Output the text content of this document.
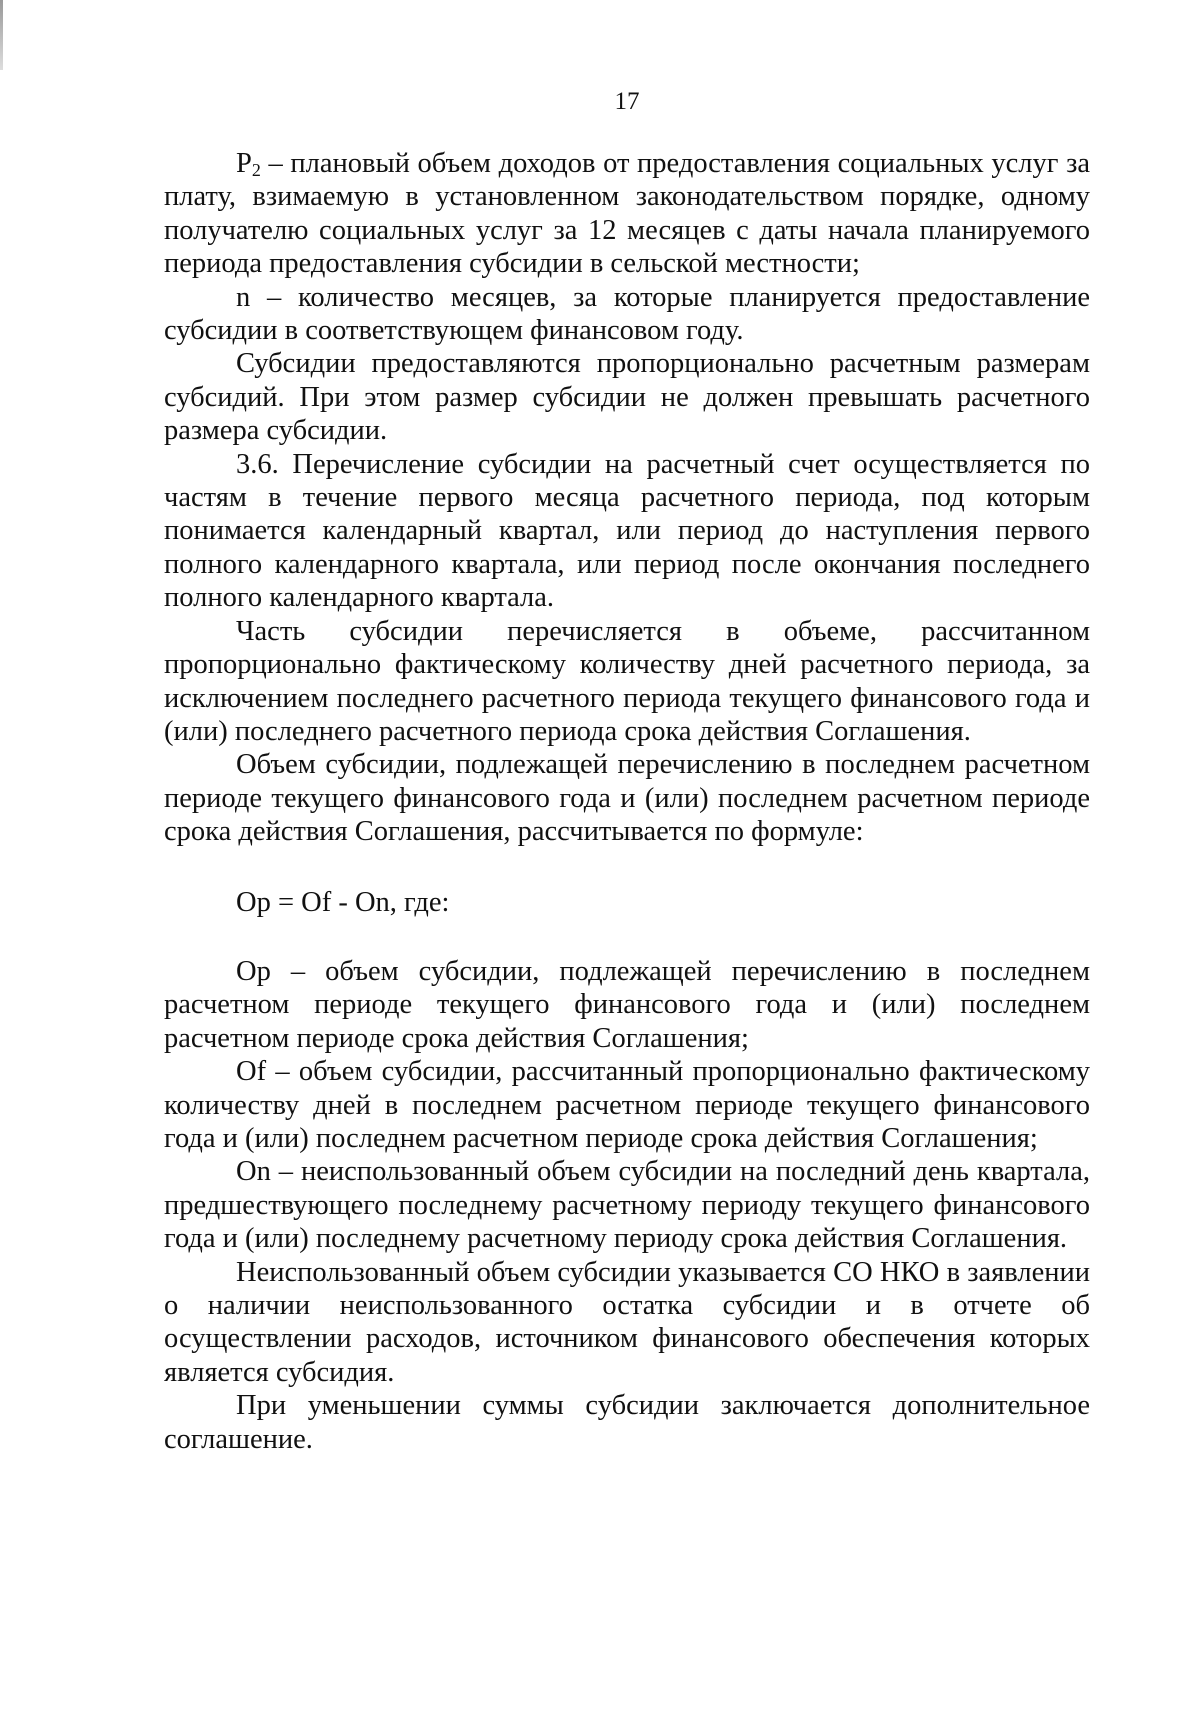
17

$P_2$ – плановый объем доходов от предоставления социальных услуг за плату, взимаемую в установленном законодательством порядке, одному получателю социальных услуг за 12 месяцев с даты начала планируемого периода предоставления субсидии в сельской местности;

n – количество месяцев, за которые планируется предоставление субсидии в соответствующем финансовом году.

Субсидии предоставляются пропорционально расчетным размерам субсидий. При этом размер субсидии не должен превышать расчетного размера субсидии.

3.6. Перечисление субсидии на расчетный счет осуществляется по частям в течение первого месяца расчетного периода, под которым понимается календарный квартал, или период до наступления первого полного календарного квартала, или период после окончания последнего полного календарного квартала.

Часть субсидии перечисляется в объеме, рассчитанном пропорционально фактическому количеству дней расчетного периода, за исключением последнего расчетного периода текущего финансового года и (или) последнего расчетного периода срока действия Соглашения.

Объем субсидии, подлежащей перечислению в последнем расчетном периоде текущего финансового года и (или) последнем расчетном периоде срока действия Соглашения, рассчитывается по формуле:

Op = Of - On, где:

Op – объем субсидии, подлежащей перечислению в последнем расчетном периоде текущего финансового года и (или) последнем расчетном периоде срока действия Соглашения;

Of – объем субсидии, рассчитанный пропорционально фактическому количеству дней в последнем расчетном периоде текущего финансового года и (или) последнем расчетном периоде срока действия Соглашения;

On – неиспользованный объем субсидии на последний день квартала, предшествующего последнему расчетному периоду текущего финансового года и (или) последнему расчетному периоду срока действия Соглашения.

Неиспользованный объем субсидии указывается СО НКО в заявлении о наличии неиспользованного остатка субсидии и в отчете об осуществлении расходов, источником финансового обеспечения которых является субсидия.

При уменьшении суммы субсидии заключается дополнительное соглашение.
